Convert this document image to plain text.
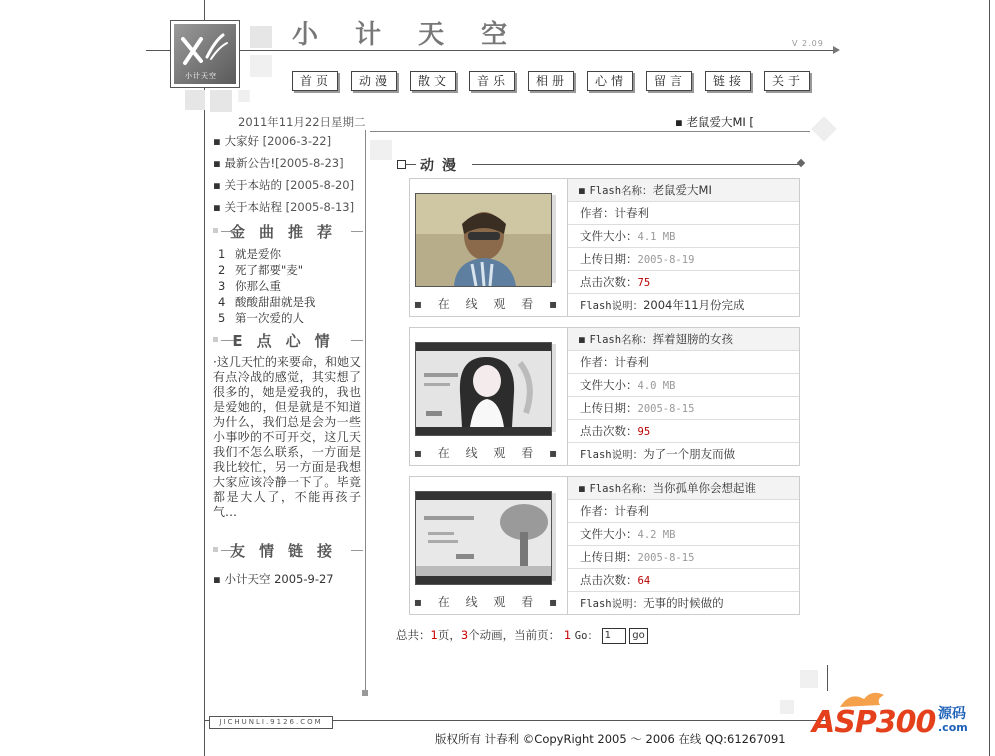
小计天空
小 计 天 空	V 2.09
首页	动漫	散文	音乐	相册	心情	留言	链接	关于
2011年11月22日星期二
▪ 大家好 [2006-3-22]
▪ 最新公告![2005-8-23]
▪ 关于本站的 [2005-8-20]
▪ 关于本站程 [2005-8-13]
金曲推荐
1 就是爱你
2 死了都要"麦"
3 你那么重
4 酸酸甜甜就是我
5 第一次爱的人
E点心情
·这几天忙的来要命，和她又有点冷战的感觉，其实想了很多的，她是爱我的，我也是爱她的，但是就是不知道为什么，我们总是会为一些小事吵的不可开交，这几天我们不怎么联系，一方面是我比较忙，另一方面是我想大家应该冷静一下了。毕竟都是大人了，不能再孩子气…
友情链接
▪ 小计天空 2005-9-27
▪ 老鼠爱大MI [
动漫
▪ 在 线 观 看 ▪
▪ Flash名称：老鼠爱大MI
作者：计春利
文件大小：4.1 MB
上传日期：2005-8-19
点击次数：75
Flash说明：2004年11月份完成
▪ 在 线 观 看 ▪
▪ Flash名称：挥着翅膀的女孩
作者：计春利
文件大小：4.0 MB
上传日期：2005-8-15
点击次数：95
Flash说明：为了一个朋友而做
▪ 在 线 观 看 ▪
▪ Flash名称：当你孤单你会想起谁
作者：计春利
文件大小：4.2 MB
上传日期：2005-8-15
点击次数：64
Flash说明：无事的时候做的
总共：1页，3个动画，当前页： 1 Go： 1 go
JICHUNLI.9126.COM
版权所有 计春利 ©CopyRight 2005 ～ 2006 在线 QQ:61267091 ASP300 源码
.com
